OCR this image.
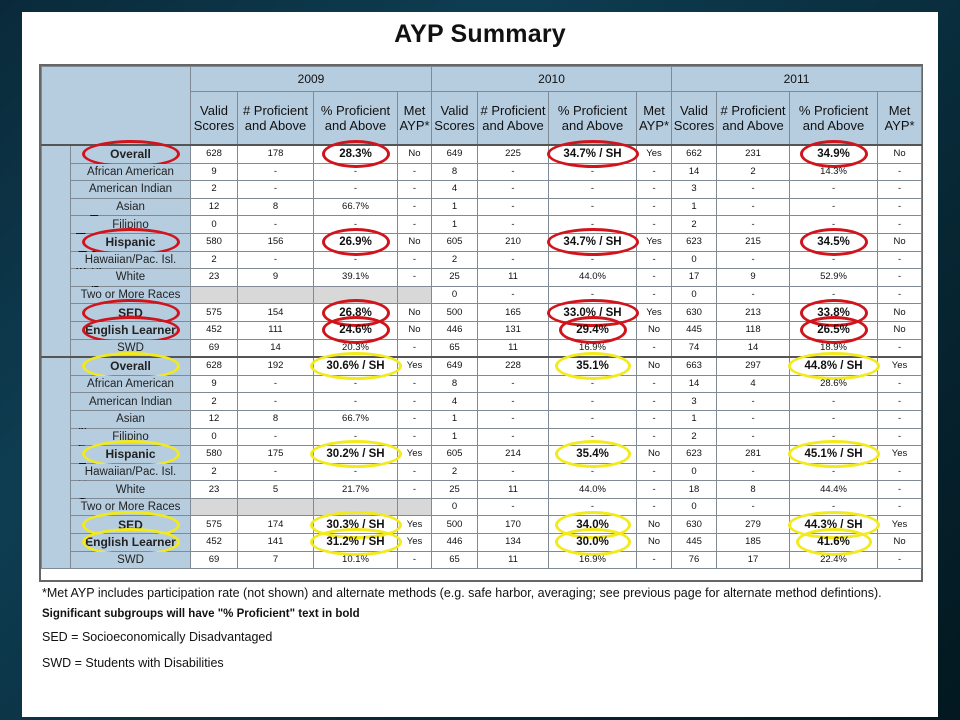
AYP Summary
		2009				2010				2011			
		Valid Scores	# Proficient and Above	% Proficient and Above	Met AYP*	Valid Scores	# Proficient and Above	% Proficient and Above	Met AYP*	Valid Scores	# Proficient and Above	% Proficient and Above	Met AYP*

	Overall	628	178	28.3%	No	649	225	34.7% / SH	Yes	662	231	34.9%	No
	African American	9	-	-	-	8	-	-	-	14	2	14.3%	-
	American Indian	2	-	-	-	4	-	-	-	3	-	-	-
	Asian	12	8	66.7%	-	1	-	-	-	1	-	-	-
	Filipino	0	-	-	-	1	-	-	-	2	-	-	-
	Hispanic	580	156	26.9%	No	605	210	34.7% / SH	Yes	623	215	34.5%	No
	Hawaiian/Pac. Isl.	2	-	-	-	2	-	-	-	0	-	-	-
	White	23	9	39.1%	-	25	11	44.0%	-	17	9	52.9%	-
	Two or More Races					0	-	-	-	0	-	-	-
	SED	575	154	26.8%	No	500	165	33.0% / SH	Yes	630	213	33.8%	No
	English Learner	452	111	24.6%	No	446	131	29.4%	No	445	118	26.5%	No
	SWD	69	14	20.3%	-	65	11	16.9%	-	74	14	18.9%	-

	Overall	628	192	30.6% / SH	Yes	649	228	35.1%	No	663	297	44.8% / SH	Yes
	African American	9	-	-	-	8	-	-	-	14	4	28.6%	-
	American Indian	2	-	-	-	4	-	-	-	3	-	-	-
	Asian	12	8	66.7%	-	1	-	-	-	1	-	-	-
	Filipino	0	-	-	-	1	-	-	-	2	-	-	-
	Hispanic	580	175	30.2% / SH	Yes	605	214	35.4%	No	623	281	45.1% / SH	Yes
	Hawaiian/Pac. Isl.	2	-	-	-	2	-	-	-	0	-	-	-
	White	23	5	21.7%	-	25	11	44.0%	-	18	8	44.4%	-
	Two or More Races					0	-	-	-	0	-	-	-
	SED	575	174	30.3% / SH	Yes	500	170	34.0%	No	630	279	44.3% / SH	Yes
	English Learner	452	141	31.2% / SH	Yes	446	134	30.0%	No	445	185	41.6%	No
	SWD	69	7	10.1%	-	65	11	16.9%	-	76	17	22.4%	-
*Met AYP includes participation rate (not shown) and alternate methods (e.g. safe harbor, averaging; see previous page for alternate method defintions).
Significant subgroups will have "% Proficient" text in bold
SED = Socioeconomically Disadvantaged
SWD = Students with Disabilities
